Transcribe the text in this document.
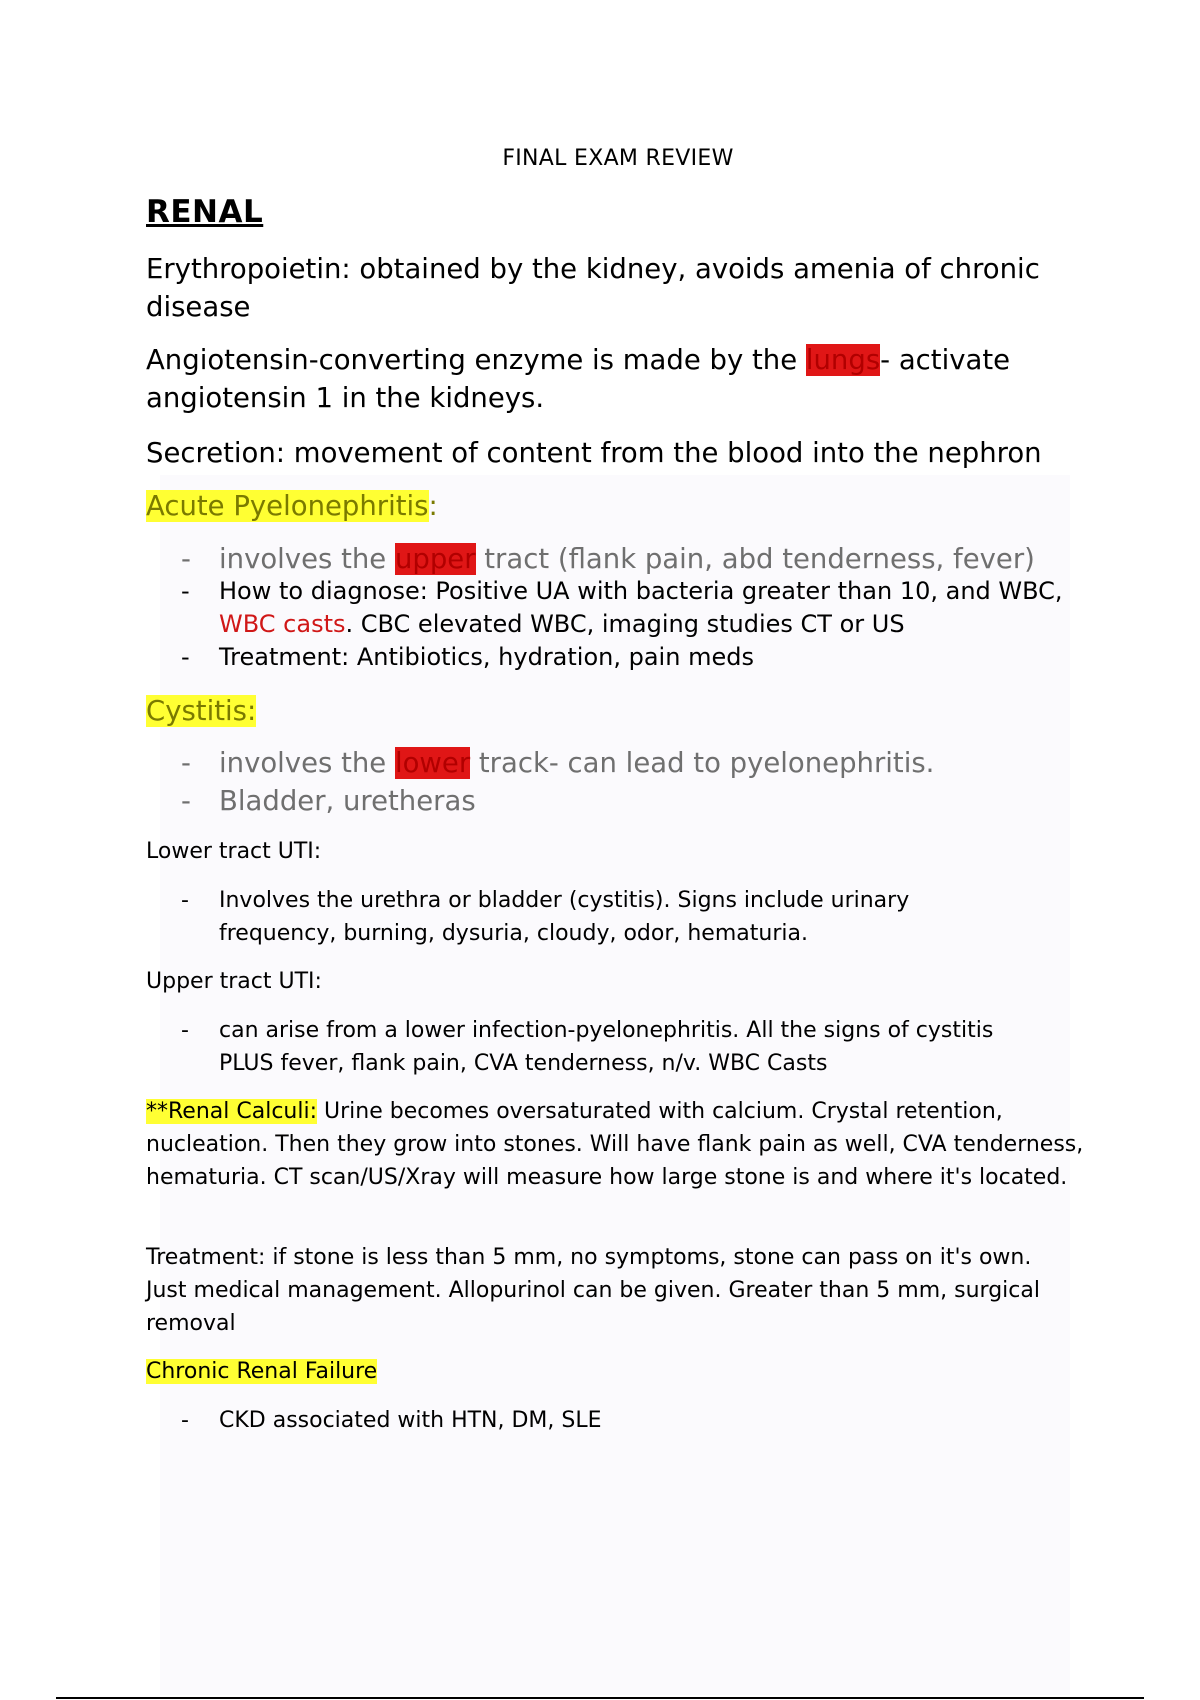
FINAL EXAM REVIEW
RENAL
Erythropoietin: obtained by the kidney, avoids amenia of chronic disease
Angiotensin-converting enzyme is made by the lungs- activate angiotensin 1 in the kidneys.
Secretion: movement of content from the blood into the nephron
Acute Pyelonephritis:
- involves the upper tract (flank pain, abd tenderness, fever)
- How to diagnose: Positive UA with bacteria greater than 10, and WBC, WBC casts. CBC elevated WBC, imaging studies CT or US
- Treatment: Antibiotics, hydration, pain meds
Cystitis:
- involves the lower track- can lead to pyelonephritis.
- Bladder, uretheras
Lower tract UTI:
- Involves the urethra or bladder (cystitis). Signs include urinary frequency, burning, dysuria, cloudy, odor, hematuria.
Upper tract UTI:
- can arise from a lower infection-pyelonephritis. All the signs of cystitis PLUS fever, flank pain, CVA tenderness, n/v. WBC Casts
**Renal Calculi: Urine becomes oversaturated with calcium. Crystal retention, nucleation. Then they grow into stones. Will have flank pain as well, CVA tenderness, hematuria. CT scan/US/Xray will measure how large stone is and where it's located.
Treatment: if stone is less than 5 mm, no symptoms, stone can pass on it's own. Just medical management. Allopurinol can be given. Greater than 5 mm, surgical removal
Chronic Renal Failure
- CKD associated with HTN, DM, SLE
